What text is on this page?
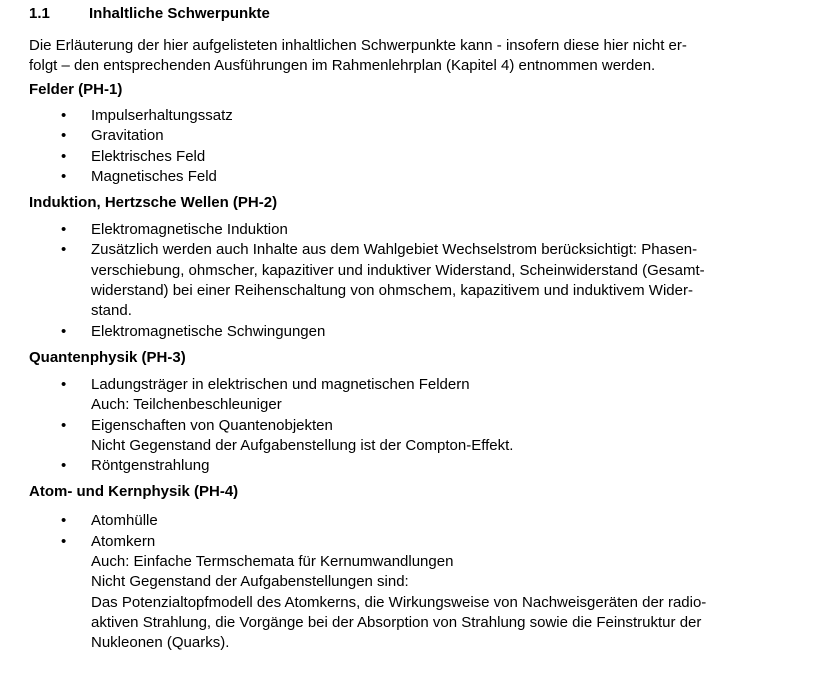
1.1	Inhaltliche Schwerpunkte

Die Erläuterung der hier aufgelisteten inhaltlichen Schwerpunkte kann - insofern diese hier nicht er-
folgt – den entsprechenden Ausführungen im Rahmenlehrplan (Kapitel 4) entnommen werden.

Felder (PH-1)
•	Impulserhaltungssatz
•	Gravitation
•	Elektrisches Feld
•	Magnetisches Feld
Induktion, Hertzsche Wellen (PH-2)
•	Elektromagnetische Induktion
•	Zusätzlich werden auch Inhalte aus dem Wahlgebiet Wechselstrom berücksichtigt: Phasen-
verschiebung, ohmscher, kapazitiver und induktiver Widerstand, Scheinwiderstand (Gesamt-
widerstand) bei einer Reihenschaltung von ohmschem, kapazitivem und induktivem Wider-
stand.
•	Elektromagnetische Schwingungen
Quantenphysik (PH-3)
•	Ladungsträger in elektrischen und magnetischen Feldern
Auch: Teilchenbeschleuniger
•	Eigenschaften von Quantenobjekten
Nicht Gegenstand der Aufgabenstellung ist der Compton-Effekt.
•	Röntgenstrahlung
Atom- und Kernphysik (PH-4)
•	Atomhülle
•	Atomkern
Auch: Einfache Termschemata für Kernumwandlungen
Nicht Gegenstand der Aufgabenstellungen sind:
Das Potenzialtopfmodell des Atomkerns, die Wirkungsweise von Nachweisgeräten der radio-
aktiven Strahlung, die Vorgänge bei der Absorption von Strahlung sowie die Feinstruktur der
Nukleonen (Quarks).
